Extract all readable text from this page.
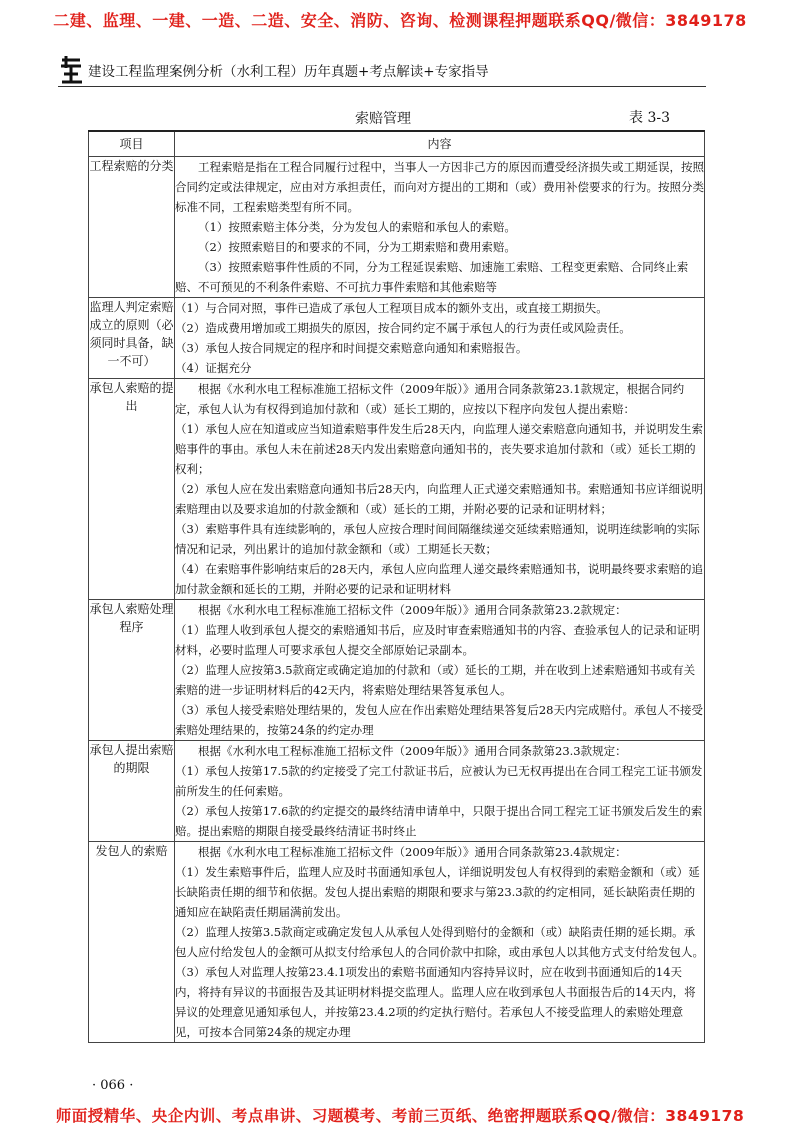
二建、监理、一建、一造、二造、安全、消防、咨询、检测课程押题联系QQ/微信：3849178
建设工程监理案例分析（水利工程）历年真题+考点解读+专家指导
索赔管理	表 3-3
项目	内容
工程索赔的分类	工程索赔是指在工程合同履行过程中，当事人一方因非己方的原因而遭受经济损失或工期延误，按照合同约定或法律规定，应由对方承担责任，而向对方提出的工期和（或）费用补偿要求的行为。按照分类标准不同，工程索赔类型有所不同。

（1）按照索赔主体分类，分为发包人的索赔和承包人的索赔。

（2）按照索赔目的和要求的不同，分为工期索赔和费用索赔。

（3）按照索赔事件性质的不同，分为工程延误索赔、加速施工索赔、工程变更索赔、合同终止索赔、不可预见的不利条件索赔、不可抗力事件索赔和其他索赔等

监理人判定索赔成立的原则（必须同时具备，缺一不可）	（1）与合同对照，事件已造成了承包人工程项目成本的额外支出，或直接工期损失。

（2）造成费用增加或工期损失的原因，按合同约定不属于承包人的行为责任或风险责任。

（3）承包人按合同规定的程序和时间提交索赔意向通知和索赔报告。

（4）证据充分

承包人索赔的提出	根据《水利水电工程标准施工招标文件（2009年版）》通用合同条款第23.1款规定，根据合同约定，承包人认为有权得到追加付款和（或）延长工期的，应按以下程序向发包人提出索赔：

（1）承包人应在知道或应当知道索赔事件发生后28天内，向监理人递交索赔意向通知书，并说明发生索赔事件的事由。承包人未在前述28天内发出索赔意向通知书的，丧失要求追加付款和（或）延长工期的权利；

（2）承包人应在发出索赔意向通知书后28天内，向监理人正式递交索赔通知书。索赔通知书应详细说明索赔理由以及要求追加的付款金额和（或）延长的工期，并附必要的记录和证明材料；

（3）索赔事件具有连续影响的，承包人应按合理时间间隔继续递交延续索赔通知，说明连续影响的实际情况和记录，列出累计的追加付款金额和（或）工期延长天数；

（4）在索赔事件影响结束后的28天内，承包人应向监理人递交最终索赔通知书，说明最终要求索赔的追加付款金额和延长的工期，并附必要的记录和证明材料

承包人索赔处理程序	根据《水利水电工程标准施工招标文件（2009年版）》通用合同条款第23.2款规定：

（1）监理人收到承包人提交的索赔通知书后，应及时审查索赔通知书的内容、查验承包人的记录和证明材料，必要时监理人可要求承包人提交全部原始记录副本。

（2）监理人应按第3.5款商定或确定追加的付款和（或）延长的工期，并在收到上述索赔通知书或有关索赔的进一步证明材料后的42天内，将索赔处理结果答复承包人。

（3）承包人接受索赔处理结果的，发包人应在作出索赔处理结果答复后28天内完成赔付。承包人不接受索赔处理结果的，按第24条的约定办理

承包人提出索赔的期限	根据《水利水电工程标准施工招标文件（2009年版）》通用合同条款第23.3款规定：

（1）承包人按第17.5款的约定接受了完工付款证书后，应被认为已无权再提出在合同工程完工证书颁发前所发生的任何索赔。

（2）承包人按第17.6款的约定提交的最终结清申请单中，只限于提出合同工程完工证书颁发后发生的索赔。提出索赔的期限自接受最终结清证书时终止

发包人的索赔	根据《水利水电工程标准施工招标文件（2009年版）》通用合同条款第23.4款规定：

（1）发生索赔事件后，监理人应及时书面通知承包人，详细说明发包人有权得到的索赔金额和（或）延长缺陷责任期的细节和依据。发包人提出索赔的期限和要求与第23.3款的约定相同，延长缺陷责任期的通知应在缺陷责任期届满前发出。

（2）监理人按第3.5款商定或确定发包人从承包人处得到赔付的金额和（或）缺陷责任期的延长期。承包人应付给发包人的金额可从拟支付给承包人的合同价款中扣除，或由承包人以其他方式支付给发包人。

（3）承包人对监理人按第23.4.1项发出的索赔书面通知内容持异议时，应在收到书面通知后的14天内，将持有异议的书面报告及其证明材料提交监理人。监理人应在收到承包人书面报告后的14天内，将异议的处理意见通知承包人，并按第23.4.2项的约定执行赔付。若承包人不接受监理人的索赔处理意见，可按本合同第24条的规定办理

· 066 ·
师面授精华、央企内训、考点串讲、习题模考、考前三页纸、绝密押题联系QQ/微信：3849178
